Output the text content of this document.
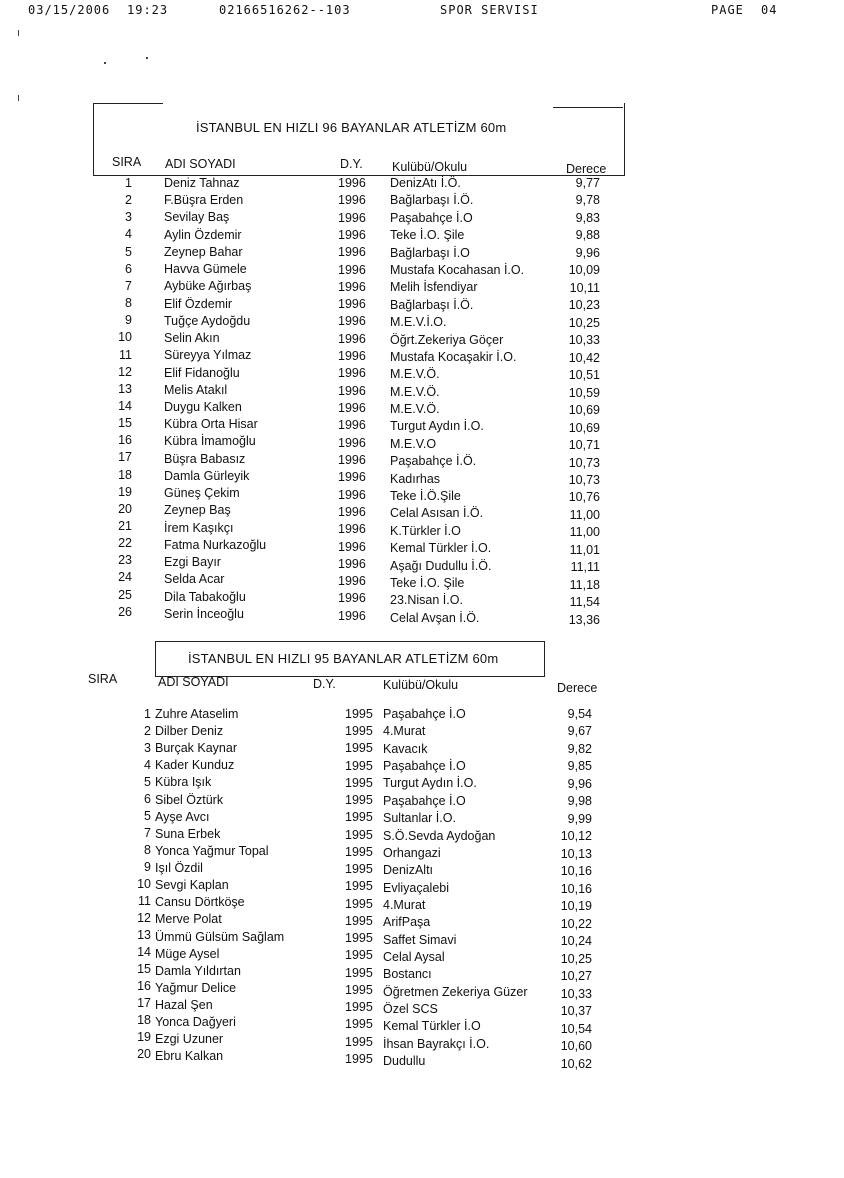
03/15/2006 19:23	02166516262--103	SPOR SERVISI	PAGE 04
İSTANBUL EN HIZLI 96 BAYANLAR ATLETİZM 60m
SIRA ADI SOYADI	D.Y. Kulübü/Okulu	Derece
1	Deniz Tahnaz	1996 DenizAtı İ.Ö.	9,77
2	F.Büşra Erden	1996 Bağlarbaşı İ.Ö.	9,78
3	Sevilay Baş	1996 Paşabahçe İ.O	9,83
4	Aylin Özdemir	1996 Teke İ.O. Şile	9,88
5	Zeynep Bahar	1996 Bağlarbaşı İ.O	9,96
6	Havva Gümele	1996 Mustafa Kocahasan İ.O.	10,09
7	Aybüke Ağırbaş	1996 Melih İsfendiyar	10,11
8	Elif Özdemir	1996 Bağlarbaşı İ.Ö.	10,23
9	Tuğçe Aydoğdu	1996 M.E.V.İ.O.	10,25
10	Selin Akın	1996 Öğrt.Zekeriya Göçer	10,33
11	Süreyya Yılmaz	1996 Mustafa Kocaşakir İ.O.	10,42
12	Elif Fidanoğlu	1996 M.E.V.Ö.	10,51
13	Melis Atakıl	1996 M.E.V.Ö.	10,59
14	Duygu Kalken	1996 M.E.V.Ö.	10,69
15	Kübra Orta Hisar	1996 Turgut Aydın İ.O.	10,69
16	Kübra İmamoğlu	1996 M.E.V.O	10,71
17	Büşra Babasız	1996 Paşabahçe İ.Ö.	10,73
18	Damla Gürleyik	1996 Kadırhas	10,73
19	Güneş Çekim	1996 Teke İ.Ö.Şile	10,76
20	Zeynep Baş	1996 Celal Asısan İ.Ö.	11,00
21	İrem Kaşıkçı	1996 K.Türkler İ.O	11,00
22	Fatma Nurkazoğlu	1996 Kemal Türkler İ.O.	11,01
23	Ezgi Bayır	1996 Aşağı Dudullu İ.Ö.	11,11
24	Selda Acar	1996 Teke İ.O. Şile	11,18
25	Dila Tabakoğlu	1996 23.Nisan İ.O.	11,54
26	Serin İnceoğlu	1996 Celal Avşan İ.Ö.	13,36
İSTANBUL EN HIZLI 95 BAYANLAR ATLETİZM 60m
SIRA	ADI SOYADI	D.Y.	Kulübü/Okulu	Derece
1 Zuhre Ataselim	1995 Paşabahçe İ.O	9,54
2 Dilber Deniz	1995 4.Murat	9,67
3 Burçak Kaynar	1995 Kavacık	9,82
4 Kader Kunduz	1995 Paşabahçe İ.O	9,85
5 Kübra Işık	1995 Turgut Aydın İ.O.	9,96
6 Sibel Öztürk	1995 Paşabahçe İ.O	9,98
5 Ayşe Avcı	1995 Sultanlar İ.O.	9,99
7 Suna Erbek	1995 S.Ö.Sevda Aydoğan	10,12
8 Yonca Yağmur Topal	1995 Orhangazi	10,13
9 Işıl Özdil	1995 DenizAltı	10,16
10 Sevgi Kaplan	1995 Evliyaçalebi	10,16
11 Cansu Dörtköşe	1995 4.Murat	10,19
12 Merve Polat	1995 ArifPaşa	10,22
13 Ümmü Gülsüm Sağlam	1995 Saffet Simavi	10,24
14 Müge Aysel	1995 Celal Aysal	10,25
15 Damla Yıldırtan	1995 Bostancı	10,27
16 Yağmur Delice	1995 Öğretmen Zekeriya Güzer	10,33
17 Hazal Şen	1995 Özel SCS	10,37
18 Yonca Dağyeri	1995 Kemal Türkler İ.O	10,54
19 Ezgi Uzuner	1995 İhsan Bayrakçı İ.O.	10,60
20 Ebru Kalkan	1995 Dudullu	10,62
